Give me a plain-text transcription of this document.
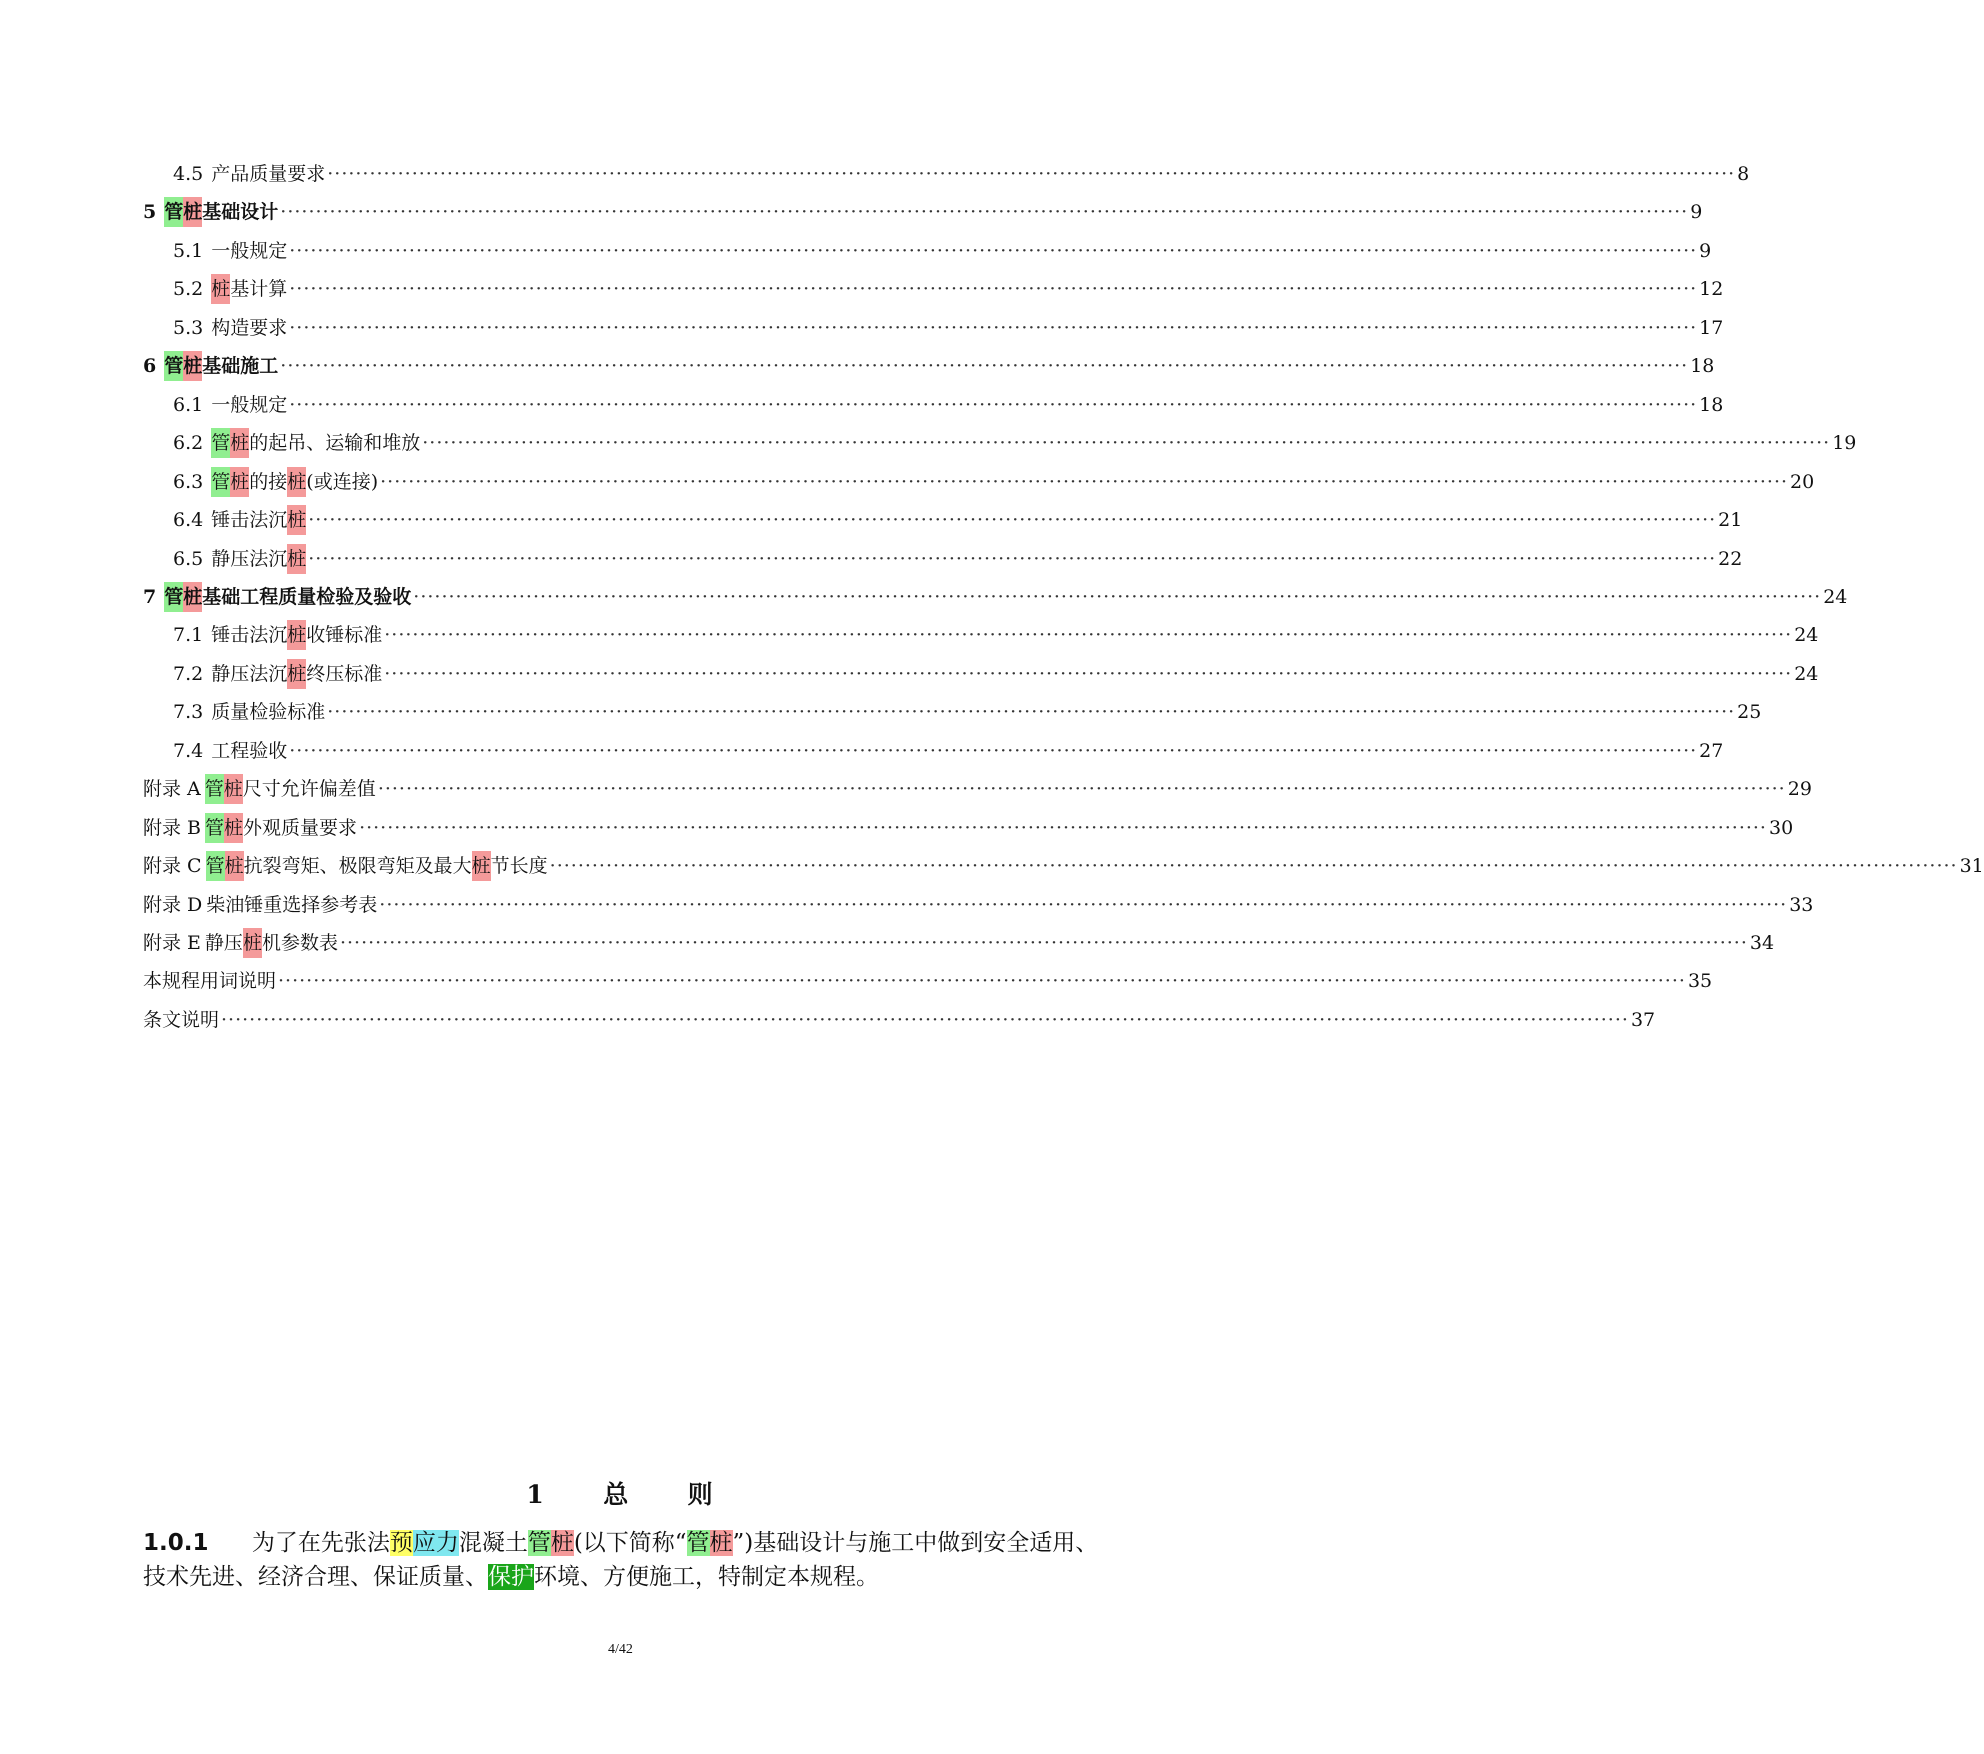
4.5 产品质量要求 ········································································································································································································ 8
5 管 桩 基础设计 ········································································································································································································ 9
5.1 一般规定 ········································································································································································································ 9
5.2 桩 基计算 ········································································································································································································ 12
5.3 构造要求 ········································································································································································································ 17
6 管 桩 基础施工 ········································································································································································································ 18
6.1 一般规定 ········································································································································································································ 18
6.2 管 桩 的起吊、运输和堆放 ········································································································································································································ 19
6.3 管 桩 的接 桩 (或连接) ········································································································································································································ 20
6.4 锤击法沉 桩 ········································································································································································································ 21
6.5 静压法沉 桩 ········································································································································································································ 22
7 管 桩 基础工程质量检验及验收 ········································································································································································································ 24
7.1 锤击法沉 桩 收锤标准 ········································································································································································································ 24
7.2 静压法沉 桩 终压标准 ········································································································································································································ 24
7.3 质量检验标准 ········································································································································································································ 25
7.4 工程验收 ········································································································································································································ 27
附录 A 管 桩 尺寸允许偏差值 ········································································································································································································ 29
附录 B 管 桩 外观质量要求 ········································································································································································································ 30
附录 C 管 桩 抗裂弯矩、极限弯矩及最大 桩 节长度 ········································································································································································································ 31
附录 D 柴油锤重选择参考表 ········································································································································································································ 33
附录 E 静压 桩 机参数表 ········································································································································································································ 34
本规程用词说明 ········································································································································································································ 35
条文说明 ········································································································································································································ 37
1 总 则
1.0.1 为了在先张法预应力混凝土管桩(以下简称“管桩”)基础设计与施工中做到安全适用、技术先进、经济合理、保证质量、保护环境、方便施工，特制定本规程。
4/42
